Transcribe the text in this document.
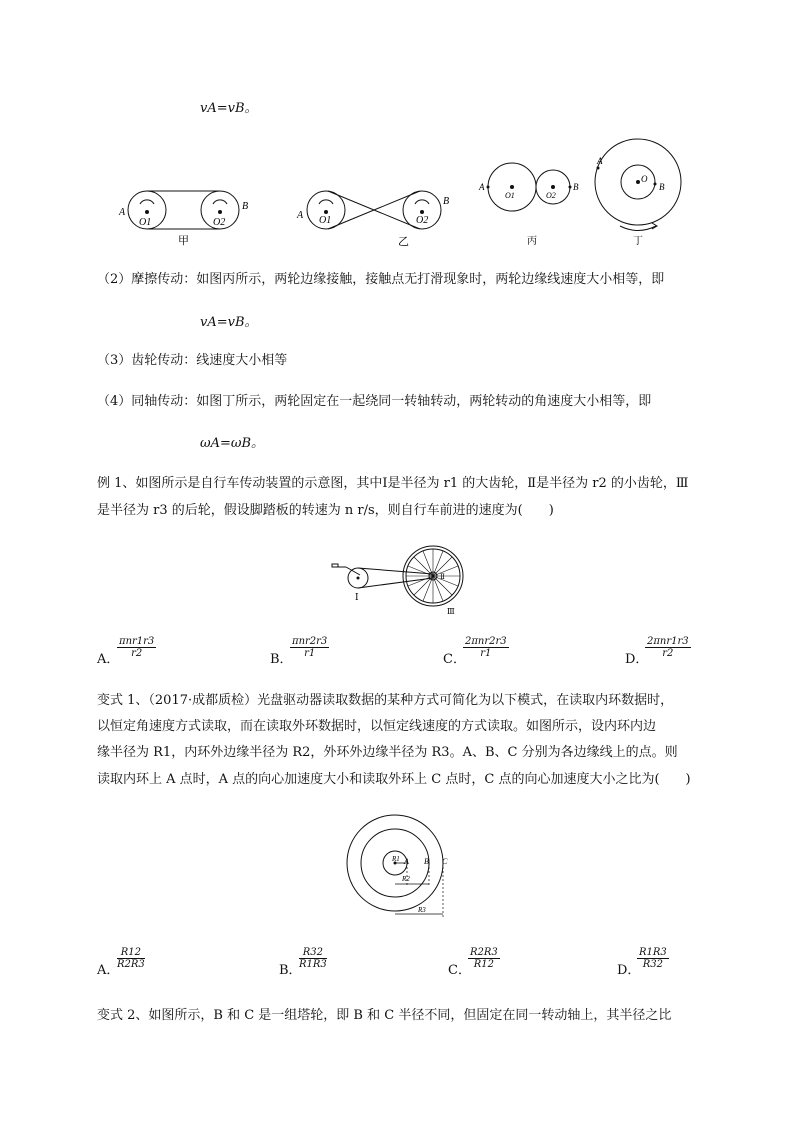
vA=vB。
A
B
O1	O2
甲
A
B
O1	O2
乙
A	B
O1	O2
丙
A
O
B
丁
（2）摩擦传动：如图丙所示，两轮边缘接触，接触点无打滑现象时，两轮边缘线速度大小相等，即
vA=vB。
（3）齿轮传动：线速度大小相等
（4）同轴传动：如图丁所示，两轮固定在一起绕同一转轴转动，两轮转动的角速度大小相等，即
ωA=ωB。
例 1、如图所示是自行车传动装置的示意图，其中Ⅰ是半径为 r1 的大齿轮，Ⅱ是半径为 r2 的小齿轮，Ⅲ
是半径为 r3 的后轮，假设脚踏板的转速为 n r/s，则自行车前进的速度为(　　)
Ⅰ
Ⅱ
Ⅲ
A．
πnr1r3
r2	B．
πnr2r3
r1	C．
2πnr2r3
r1	D．
2πnr1r3
r2
变式 1、（2017·成都质检）光盘驱动器读取数据的某种方式可简化为以下模式，在读取内环数据时，
以恒定角速度方式读取，而在读取外环数据时，以恒定线速度的方式读取。如图所示，设内环内边
缘半径为 R1，内环外边缘半径为 R2，外环外边缘半径为 R3。A、B、C 分别为各边缘线上的点。则
读取内环上 A 点时，A 点的向心加速度大小和读取外环上 C 点时，C 点的向心加速度大小之比为(　　)
R1 A B C
R2
R3
A．
$\frac{R12}{R2R3}$
B．
$\frac{R32}{R1R3}$
C．
$\frac{R2R3}{R12}$
D．
$\frac{R1R3}{R32}$
变式 2、如图所示，B 和 C 是一组塔轮，即 B 和 C 半径不同，但固定在同一转动轴上，其半径之比
